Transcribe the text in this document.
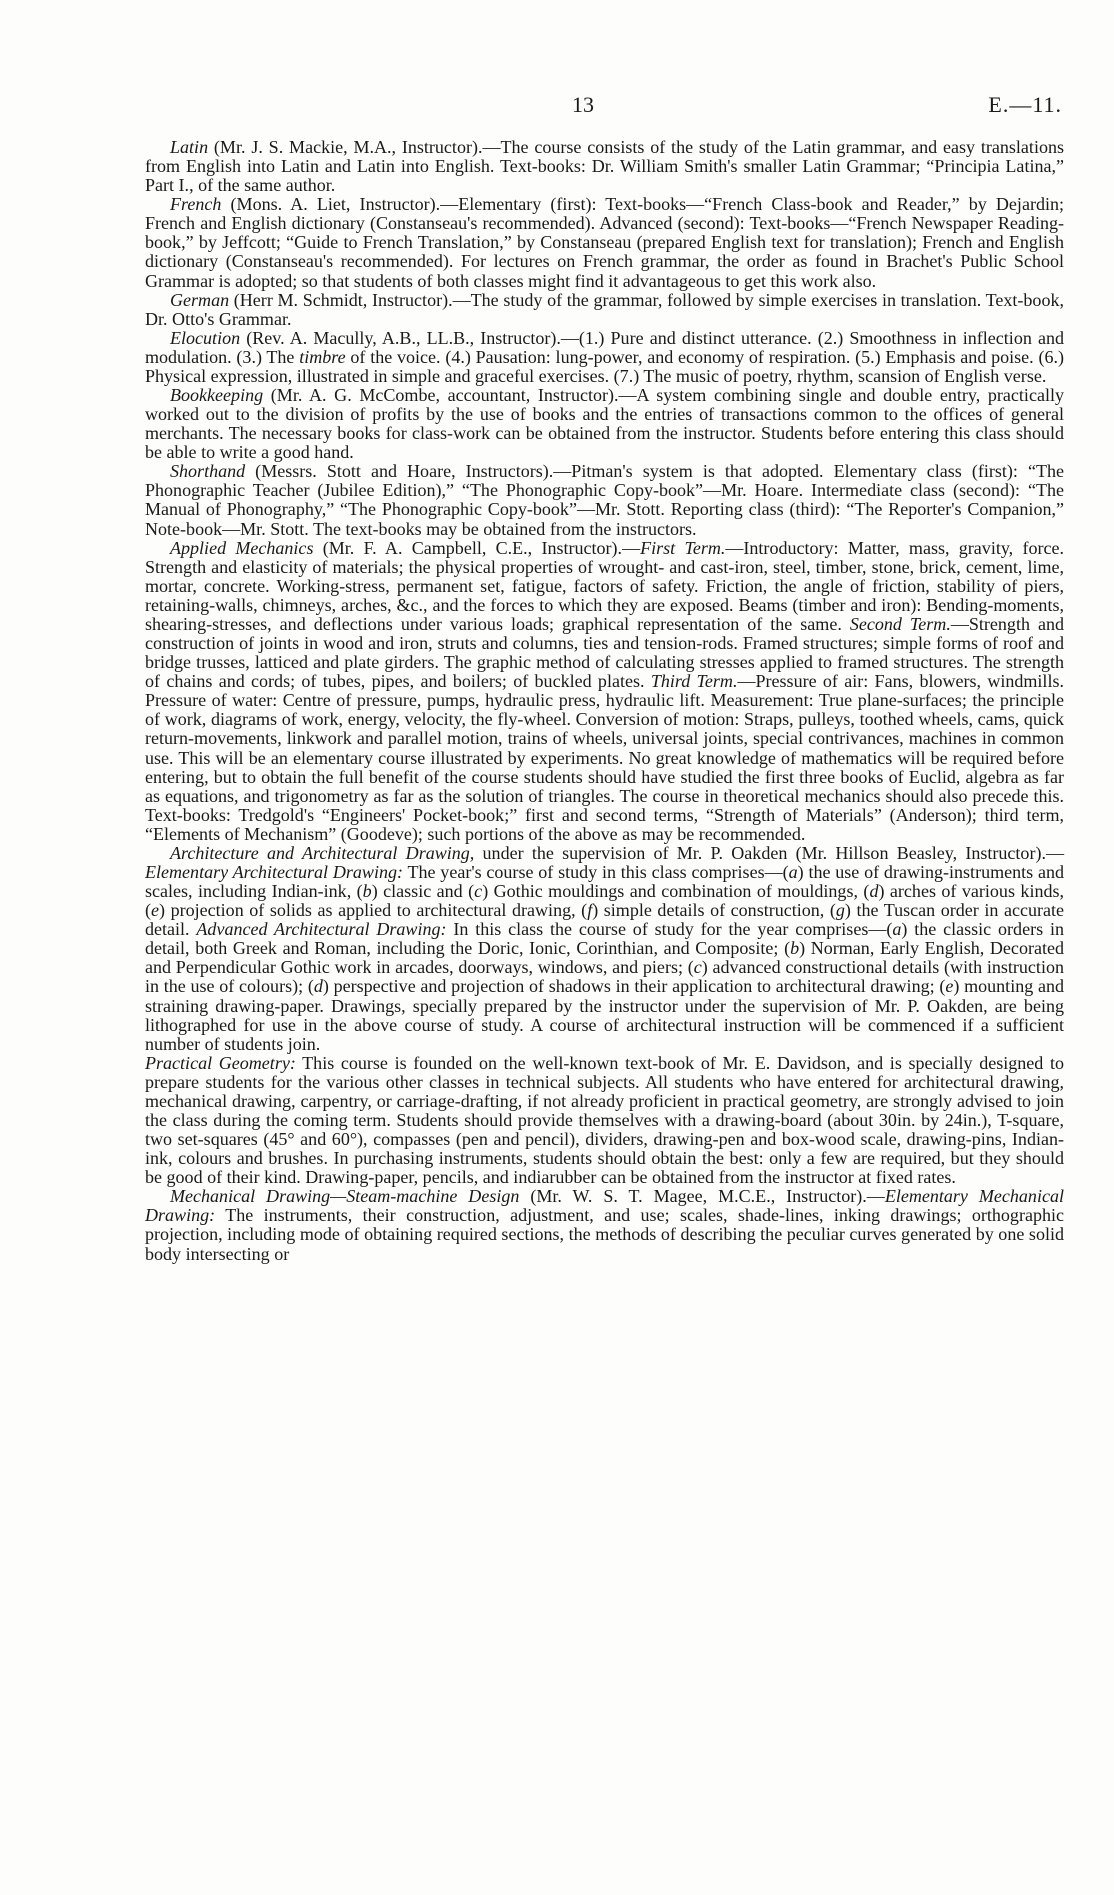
13	E.—11.

Latin (Mr. J. S. Mackie, M.A., Instructor).—The course consists of the study of the Latin grammar, and easy translations from English into Latin and Latin into English. Text-books: Dr. William Smith's smaller Latin Grammar; “Principia Latina,” Part I., of the same author.

French (Mons. A. Liet, Instructor).—Elementary (first): Text-books—“French Class-book and Reader,” by Dejardin; French and English dictionary (Constanseau's recommended). Advanced (second): Text-books—“French Newspaper Reading-book,” by Jeffcott; “Guide to French Translation,” by Constanseau (prepared English text for translation); French and English dictionary (Constanseau's recommended). For lectures on French grammar, the order as found in Brachet's Public School Grammar is adopted; so that students of both classes might find it advantageous to get this work also.

German (Herr M. Schmidt, Instructor).—The study of the grammar, followed by simple exercises in translation. Text-book, Dr. Otto's Grammar.

Elocution (Rev. A. Macully, A.B., LL.B., Instructor).—(1.) Pure and distinct utterance. (2.) Smoothness in inflection and modulation. (3.) The timbre of the voice. (4.) Pausation: lung-power, and economy of respiration. (5.) Emphasis and poise. (6.) Physical expression, illustrated in simple and graceful exercises. (7.) The music of poetry, rhythm, scansion of English verse.

Bookkeeping (Mr. A. G. McCombe, accountant, Instructor).—A system combining single and double entry, practically worked out to the division of profits by the use of books and the entries of transactions common to the offices of general merchants. The necessary books for class-work can be obtained from the instructor. Students before entering this class should be able to write a good hand.

Shorthand (Messrs. Stott and Hoare, Instructors).—Pitman's system is that adopted. Elementary class (first): “The Phonographic Teacher (Jubilee Edition),” “The Phonographic Copy-book”—Mr. Hoare. Intermediate class (second): “The Manual of Phonography,” “The Phonographic Copy-book”—Mr. Stott. Reporting class (third): “The Reporter's Companion,” Note-book—Mr. Stott. The text-books may be obtained from the instructors.

Applied Mechanics (Mr. F. A. Campbell, C.E., Instructor).—First Term.—Introductory: Matter, mass, gravity, force. Strength and elasticity of materials; the physical properties of wrought- and cast-iron, steel, timber, stone, brick, cement, lime, mortar, concrete. Working-stress, permanent set, fatigue, factors of safety. Friction, the angle of friction, stability of piers, retaining-walls, chimneys, arches, &c., and the forces to which they are exposed. Beams (timber and iron): Bending-moments, shearing-stresses, and deflections under various loads; graphical representation of the same. Second Term.—Strength and construction of joints in wood and iron, struts and columns, ties and tension-rods. Framed structures; simple forms of roof and bridge trusses, latticed and plate girders. The graphic method of calculating stresses applied to framed structures. The strength of chains and cords; of tubes, pipes, and boilers; of buckled plates. Third Term.—Pressure of air: Fans, blowers, windmills. Pressure of water: Centre of pressure, pumps, hydraulic press, hydraulic lift. Measurement: True plane-surfaces; the principle of work, diagrams of work, energy, velocity, the fly-wheel. Conversion of motion: Straps, pulleys, toothed wheels, cams, quick return-movements, linkwork and parallel motion, trains of wheels, universal joints, special contrivances, machines in common use. This will be an elementary course illustrated by experiments. No great knowledge of mathematics will be required before entering, but to obtain the full benefit of the course students should have studied the first three books of Euclid, algebra as far as equations, and trigonometry as far as the solution of triangles. The course in theoretical mechanics should also precede this. Text-books: Tredgold's “Engineers' Pocket-book;” first and second terms, “Strength of Materials” (Anderson); third term, “Elements of Mechanism” (Goodeve); such portions of the above as may be recommended.

Architecture and Architectural Drawing, under the supervision of Mr. P. Oakden (Mr. Hillson Beasley, Instructor).—Elementary Architectural Drawing: The year's course of study in this class comprises—(a) the use of drawing-instruments and scales, including Indian-ink, (b) classic and (c) Gothic mouldings and combination of mouldings, (d) arches of various kinds, (e) projection of solids as applied to architectural drawing, (f) simple details of construction, (g) the Tuscan order in accurate detail. Advanced Architectural Drawing: In this class the course of study for the year comprises—(a) the classic orders in detail, both Greek and Roman, including the Doric, Ionic, Corinthian, and Composite; (b) Norman, Early English, Decorated and Perpendicular Gothic work in arcades, doorways, windows, and piers; (c) advanced constructional details (with instruction in the use of colours); (d) perspective and projection of shadows in their application to architectural drawing; (e) mounting and straining drawing-paper. Drawings, specially prepared by the instructor under the supervision of Mr. P. Oakden, are being lithographed for use in the above course of study. A course of architectural instruction will be commenced if a sufficient number of students join.

Practical Geometry: This course is founded on the well-known text-book of Mr. E. Davidson, and is specially designed to prepare students for the various other classes in technical subjects. All students who have entered for architectural drawing, mechanical drawing, carpentry, or carriage-drafting, if not already proficient in practical geometry, are strongly advised to join the class during the coming term. Students should provide themselves with a drawing-board (about 30in. by 24in.), T-square, two set-squares (45° and 60°), compasses (pen and pencil), dividers, drawing-pen and box-wood scale, drawing-pins, Indian-ink, colours and brushes. In purchasing instruments, students should obtain the best: only a few are required, but they should be good of their kind. Drawing-paper, pencils, and indiarubber can be obtained from the instructor at fixed rates.

Mechanical Drawing—Steam-machine Design (Mr. W. S. T. Magee, M.C.E., Instructor).—Elementary Mechanical Drawing: The instruments, their construction, adjustment, and use; scales, shade-lines, inking drawings; orthographic projection, including mode of obtaining required sections, the methods of describing the peculiar curves generated by one solid body intersecting or
